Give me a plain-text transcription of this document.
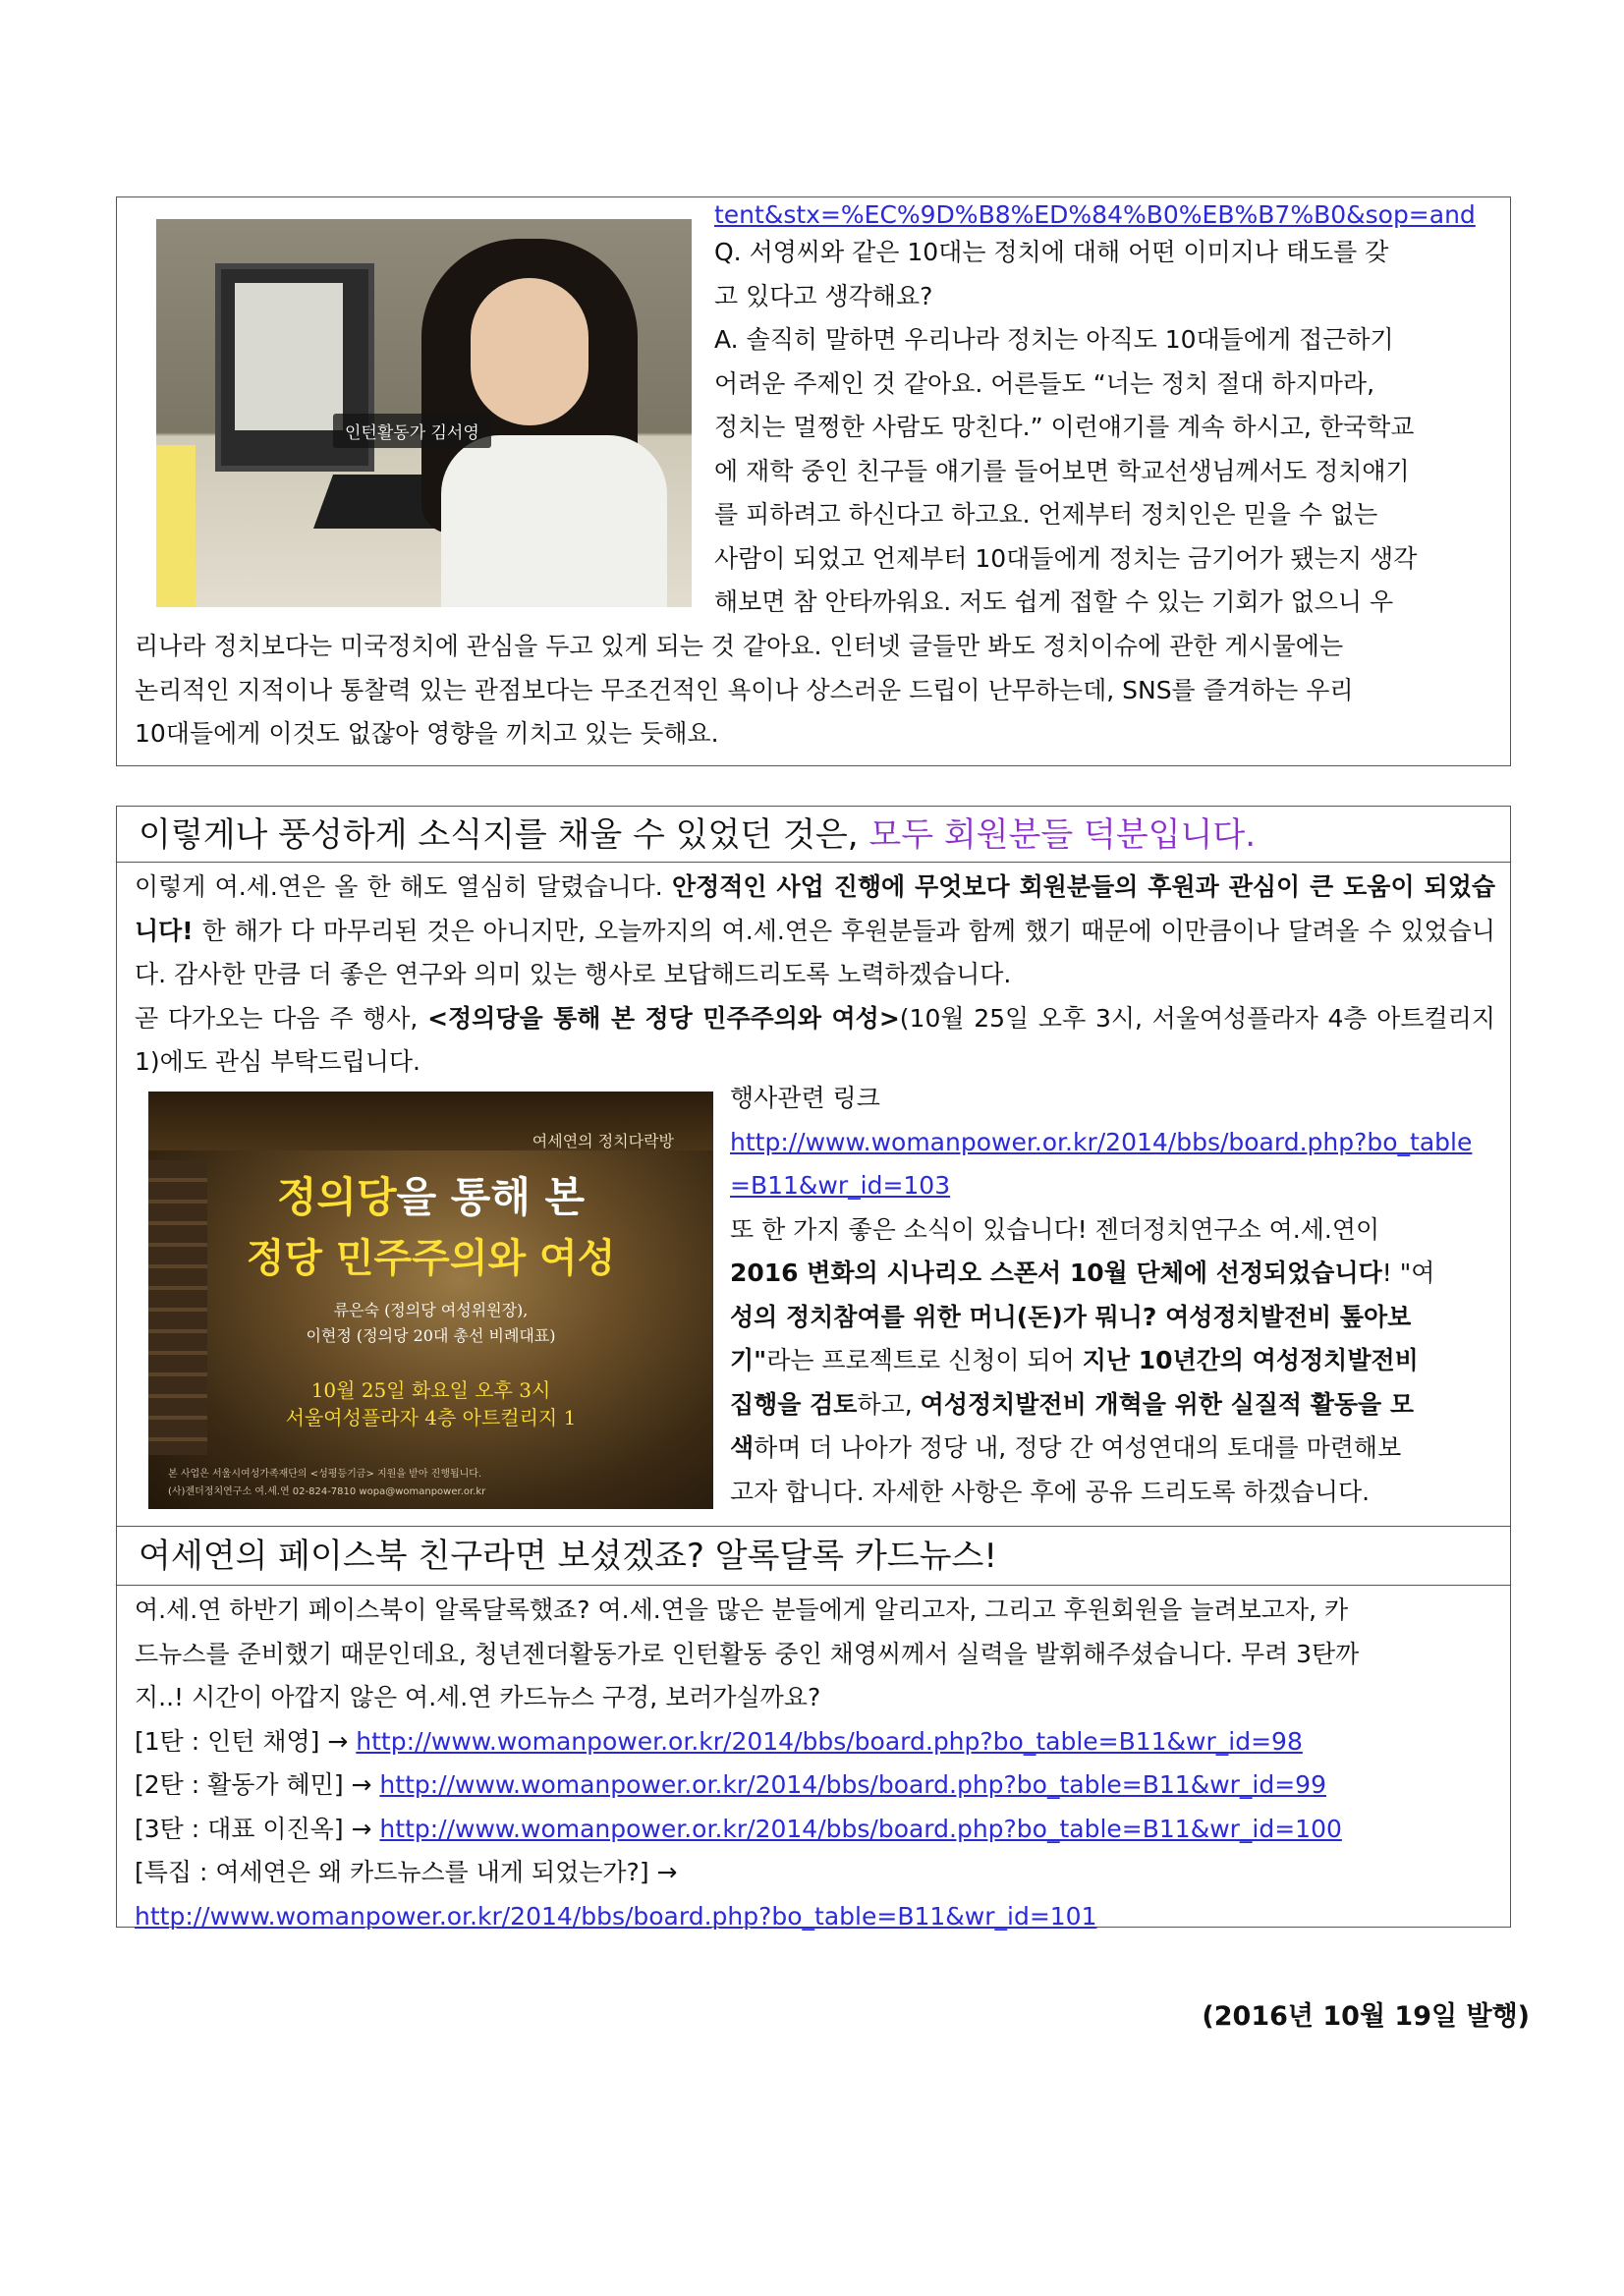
인턴활동가 김서영

tent&stx=%EC%9D%B8%ED%84%B0%EB%B7%B0&sop=and

Q. 서영씨와 같은 10대는 정치에 대해 어떤 이미지나 태도를 갖

고 있다고 생각해요?

A. 솔직히 말하면 우리나라 정치는 아직도 10대들에게 접근하기

어려운 주제인 것 같아요. 어른들도 “너는 정치 절대 하지마라,

정치는 멀쩡한 사람도 망친다.” 이런얘기를 계속 하시고, 한국학교

에 재학 중인 친구들 얘기를 들어보면 학교선생님께서도 정치얘기

를 피하려고 하신다고 하고요. 언제부터 정치인은 믿을 수 없는

사람이 되었고 언제부터 10대들에게 정치는 금기어가 됐는지 생각

해보면 참 안타까워요. 저도 쉽게 접할 수 있는 기회가 없으니 우

리나라 정치보다는 미국정치에 관심을 두고 있게 되는 것 같아요. 인터넷 글들만 봐도 정치이슈에 관한 게시물에는

논리적인 지적이나 통찰력 있는 관점보다는 무조건적인 욕이나 상스러운 드립이 난무하는데, SNS를 즐겨하는 우리

10대들에게 이것도 없잖아 영향을 끼치고 있는 듯해요.

이렇게나 풍성하게 소식지를 채울 수 있었던 것은, 모두 회원분들 덕분입니다.

이렇게 여.세.연은 올 한 해도 열심히 달렸습니다. 안정적인 사업 진행에 무엇보다 회원분들의 후원과 관심이 큰 도움이 되었습니다! 한 해가 다 마무리된 것은 아니지만, 오늘까지의 여.세.연은 후원분들과 함께 했기 때문에 이만큼이나 달려올 수 있었습니다. 감사한 만큼 더 좋은 연구와 의미 있는 행사로 보답해드리도록 노력하겠습니다.

곧 다가오는 다음 주 행사, <정의당을 통해 본 정당 민주주의와 여성>(10월 25일 오후 3시, 서울여성플라자 4층 아트컬리지 1)에도 관심 부탁드립니다.

여세연의 정치다락방
정의당을 통해 본
정당 민주주의와 여성
류은숙 (정의당 여성위원장),
이현정 (정의당 20대 총선 비례대표)
10월 25일 화요일 오후 3시
서울여성플라자 4층 아트컬리지 1
본 사업은 서울시여성가족재단의 <성평등기금> 지원을 받아 진행됩니다.
(사)젠더정치연구소 여.세.연 02-824-7810 wopa@womanpower.or.kr

행사관련 링크

http://www.womanpower.or.kr/2014/bbs/board.php?bo_table

=B11&wr_id=103

또 한 가지 좋은 소식이 있습니다! 젠더정치연구소 여.세.연이

2016 변화의 시나리오 스폰서 10월 단체에 선정되었습니다! "여

성의 정치참여를 위한 머니(돈)가 뭐니? 여성정치발전비 톺아보

기"라는 프로젝트로 신청이 되어 지난 10년간의 여성정치발전비

집행을 검토하고, 여성정치발전비 개혁을 위한 실질적 활동을 모

색하며 더 나아가 정당 내, 정당 간 여성연대의 토대를 마련해보

고자 합니다. 자세한 사항은 후에 공유 드리도록 하겠습니다.

여세연의 페이스북 친구라면 보셨겠죠? 알록달록 카드뉴스!

여.세.연 하반기 페이스북이 알록달록했죠? 여.세.연을 많은 분들에게 알리고자, 그리고 후원회원을 늘려보고자, 카

드뉴스를 준비했기 때문인데요, 청년젠더활동가로 인턴활동 중인 채영씨께서 실력을 발휘해주셨습니다. 무려 3탄까

지..! 시간이 아깝지 않은 여.세.연 카드뉴스 구경, 보러가실까요?

[1탄 : 인턴 채영] → http://www.womanpower.or.kr/2014/bbs/board.php?bo_table=B11&wr_id=98

[2탄 : 활동가 혜민] → http://www.womanpower.or.kr/2014/bbs/board.php?bo_table=B11&wr_id=99

[3탄 : 대표 이진옥] → http://www.womanpower.or.kr/2014/bbs/board.php?bo_table=B11&wr_id=100

[특집 : 여세연은 왜 카드뉴스를 내게 되었는가?] →

http://www.womanpower.or.kr/2014/bbs/board.php?bo_table=B11&wr_id=101

(2016년 10월 19일 발행)
